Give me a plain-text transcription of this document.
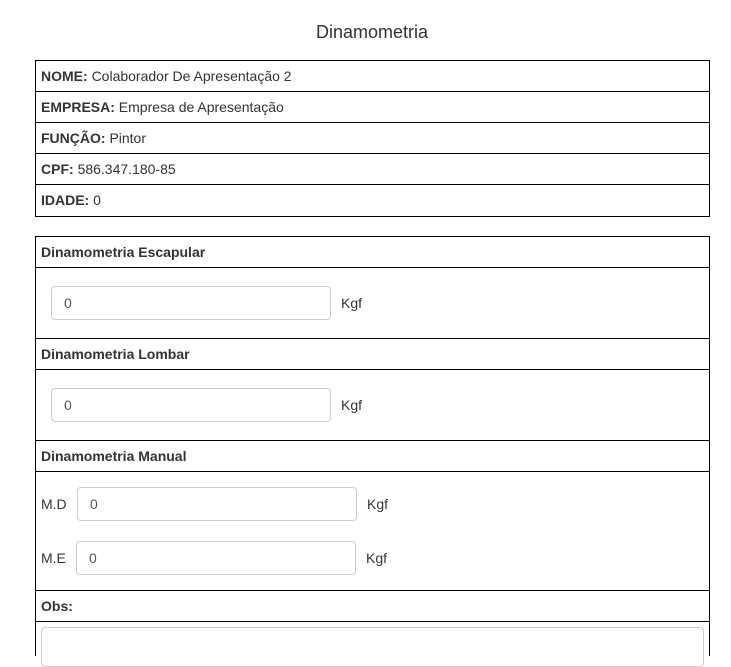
Dinamometria
NOME: Colaborador De Apresentação 2
EMPRESA: Empresa de Apresentação
FUNÇÃO: Pintor
CPF: 586.347.180-85
IDADE: 0
Dinamometria Escapular
0	Kgf
Dinamometria Lombar
0	Kgf
Dinamometria Manual
M.D	0	Kgf
M.E	0	Kgf
Obs:
